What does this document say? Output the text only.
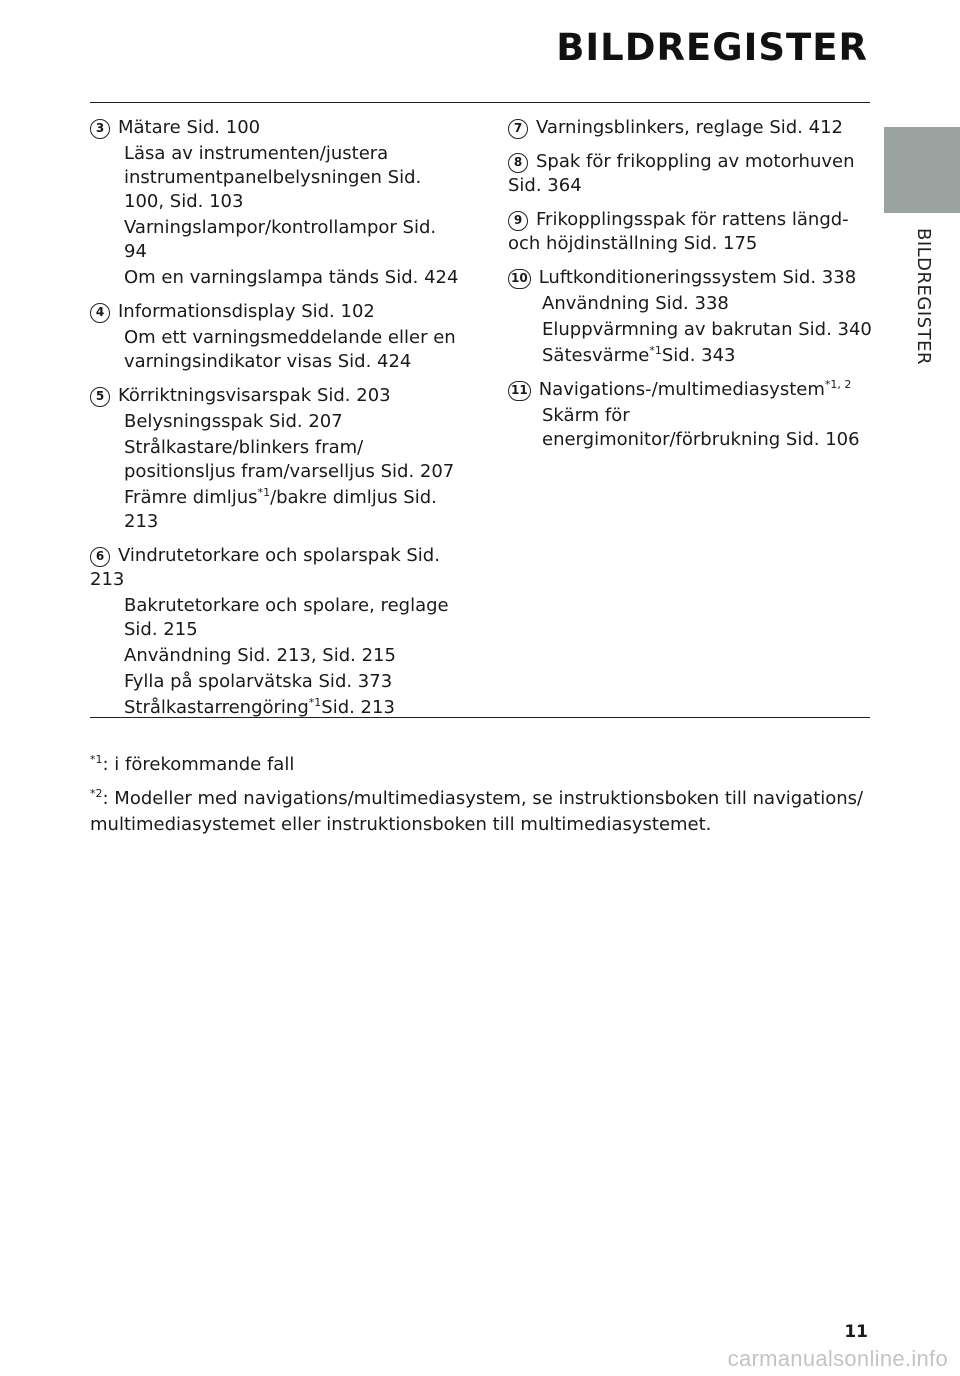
BILDREGISTER
BILDREGISTER
3 Mätare Sid. 100
Läsa av instrumenten/justera instrumentpanelbelysningen Sid. 100, Sid. 103
Varningslampor/kontrollampor Sid. 94
Om en varningslampa tänds Sid. 424
4 Informationsdisplay Sid. 102
Om ett varningsmeddelande eller en varningsindikator visas Sid. 424
5 Körriktningsvisarspak Sid. 203
Belysningsspak Sid. 207
Strålkastare/blinkers fram/ positionsljus fram/varselljus Sid. 207
Främre dimljus$^{*1}$/bakre dimljus Sid. 213
6 Vindrutetorkare och spolarspak Sid. 213
Bakrutetorkare och spolare, reglage Sid. 215
Användning Sid. 213, Sid. 215
Fylla på spolarvätska Sid. 373
Strålkastarrengöring$^{*1}$Sid. 213
7 Varningsblinkers, reglage Sid. 412
8 Spak för frikoppling av motorhuven Sid. 364
9 Frikopplingsspak för rattens längd- och höjdinställning Sid. 175
10 Luftkonditioneringssystem Sid. 338
Användning Sid. 338
Eluppvärmning av bakrutan Sid. 340
Sätesvärme$^{*1}$Sid. 343
11 Navigations-/multimediasystem$^{*1, 2}$
Skärm för energimonitor/förbrukning Sid. 106
$^{*1}$: i förekommande fall
$^{*2}$: Modeller med navigations/multimediasystem, se instruktionsboken till navigations/ multimediasystemet eller instruktionsboken till multimediasystemet.
11
carmanualsonline.info
